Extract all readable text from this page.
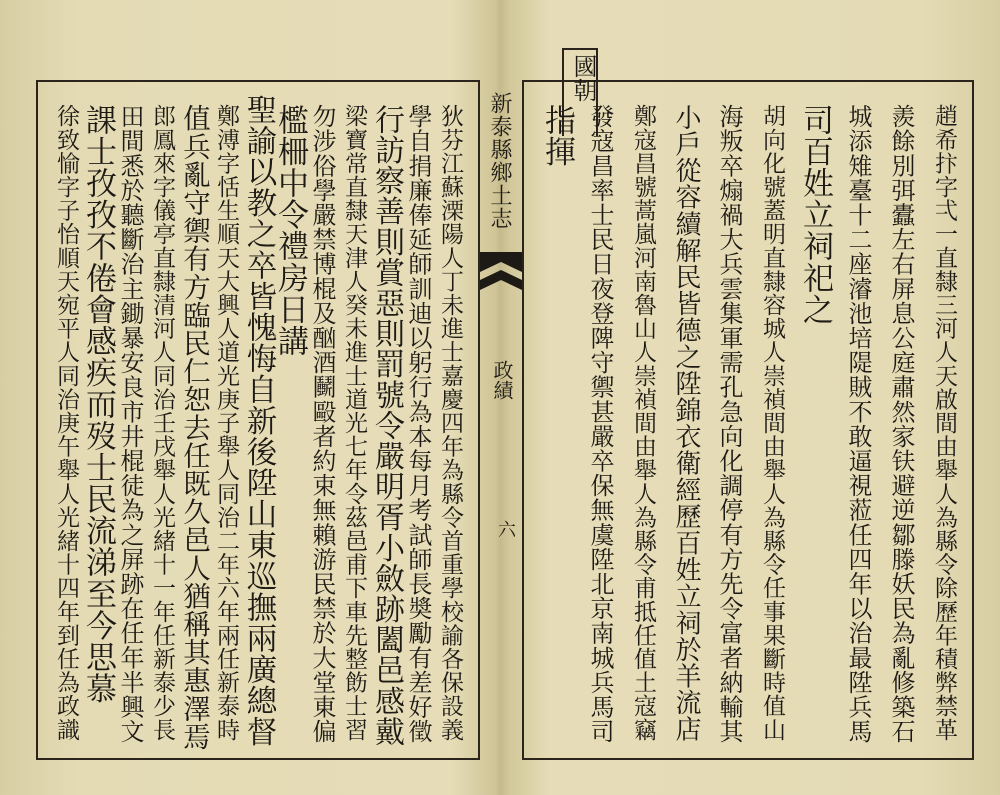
國朝
新泰縣鄉土志
政績
六	趙希抃字弌一直隸三河人天啟間由舉人為縣令除歷年積弊禁革
羨餘別弭蠹左右屏息公庭肅然家𫓧避逆鄒滕妖民為亂修築石
城添雉臺十二座濬池培隄賊不敢逼視蒞任四年以治最陞兵馬
司百姓立祠祀之
胡向化號蓋明直隸容城人崇禎間由舉人為縣令任事果斷時值山
海叛卒煽禍大兵雲集軍需孔急向化調停有方先令富者納輸其
小戶從容續解民皆德之陞錦衣衛經歷百姓立祠於羊流店
鄭寇昌號蒿嵐河南魯山人崇禎間由舉人為縣令甫抵任值土寇竊
發寇昌率士民日夜登陴守禦甚嚴卒保無虞陞北京南城兵馬司
指揮
狄芬江蘇溧陽人丁未進士嘉慶四年為縣令首重學校諭各保設義
學自捐廉俸延師訓迪以躬行為本每月考試師長奬勵有差好徵
行訪察善則賞惡則罰號令嚴明胥小斂跡闔邑感戴
梁寶常直隸天津人癸未進士道光七年令茲邑甫下車先整飭士習
勿涉俗學嚴禁博棍及酗酒鬭毆者約束無賴游民禁於大堂東偏
檻柵中令禮房日講
聖諭以教之卒皆愧悔自新後陞山東巡撫兩廣總督
鄭溥字恬生順天大興人道光庚子舉人同治二年六年兩任新泰時
值兵亂守禦有方臨民仁恕去任既久邑人猶稱其惠澤焉
郎鳳來字儀亭直隸清河人同治壬戌舉人光緒十一年任新泰少長
田間悉於聽斷治主鋤暴安良市井棍徒為之屏跡在任年半興文
課士孜孜不倦會感疾而歿士民流涕至今思慕
徐致愉字子怡順天宛平人同治庚午舉人光緒十四年到任為政識
